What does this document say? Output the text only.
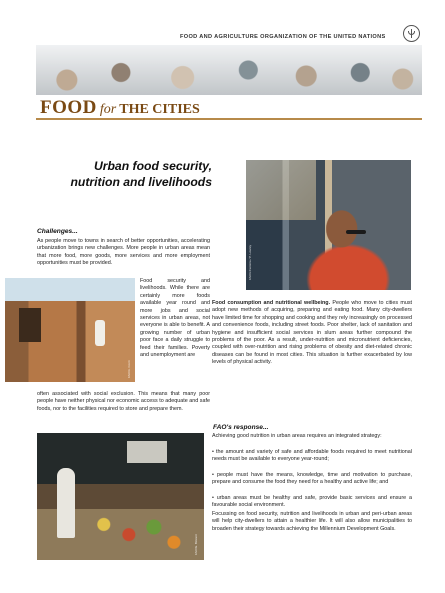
FOOD AND AGRICULTURE ORGANIZATION OF THE UNITED NATIONS
FOOD for THE CITIES
Urban food security,
nutrition and livelihoods
FAO/J.Ferreira / P. Lowrey
Challenges...
As people move to towns in search of better opportunities, accelerating urbanization brings new challenges. More people in urban areas mean that more food, more goods, more services and more employment opportunities must be provided.
FAO/A. Conti
Food security and livelihoods. While there are certainly more foods available year round and more jobs and social services in urban areas, not everyone is able to benefit. A growing number of urban poor face a daily struggle to feed their families. Poverty and unemployment are
often associated with social exclusion. This means that many poor people have neither physical nor economic access to adequate and safe foods, nor to the facilities required to store and prepare them.
Food consumption and nutritional wellbeing. People who move to cities must adopt new methods of acquiring, preparing and eating food. Many city-dwellers have limited time for shopping and cooking and they rely increasingly on processed and convenience foods, including street foods. Poor shelter, lack of sanitation and hygiene and insufficient social services in slum areas further compound the problems of the poor. As a result, under-nutrition and micronutrient deficiencies, coupled with over-nutrition and rising problems of obesity and diet-related chronic diseases can be found in most cities. This situation is further exacerbated by low levels of physical activity.
FAO/G. Bizzarri
FAO's response...
Achieving good nutrition in urban areas requires an integrated strategy:
• the amount and variety of safe and affordable foods required to meet nutritional needs must be available to everyone year-round;
• people must have the means, knowledge, time and motivation to purchase, prepare and consume the food they need for a healthy and active life; and
• urban areas must be healthy and safe, provide basic services and ensure a favourable social environment.
Focussing on food security, nutrition and livelihoods in urban and peri-urban areas will help city-dwellers to attain a healthier life. It will also allow municipalities to broaden their strategy towards achieving the Millennium Development Goals.
